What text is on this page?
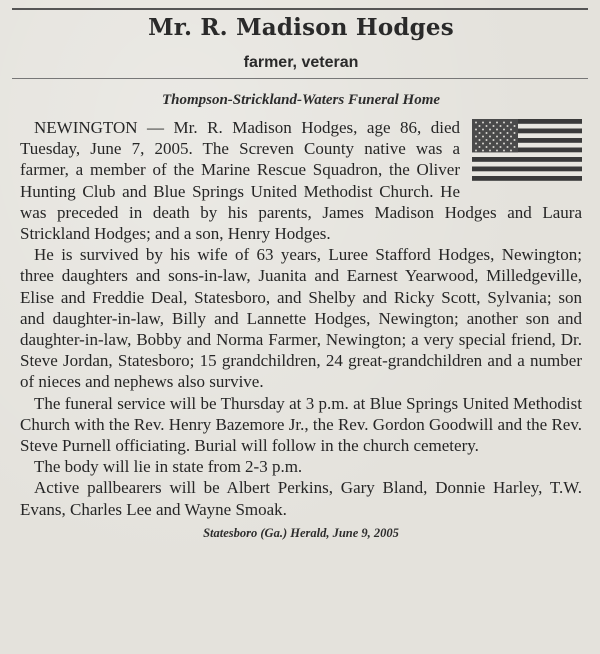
Mr. R. Madison Hodges
farmer, veteran
Thompson-Strickland-Waters Funeral Home

NEWINGTON — Mr. R. Madison Hodges, age 86, died Tuesday, June 7, 2005. The Screven County native was a farmer, a member of the Marine Rescue Squadron, the Oliver Hunting Club and Blue Springs United Methodist Church. He was preceded in death by his parents, James Madison Hodges and Laura Strickland Hodges; and a son, Henry Hodges.

He is survived by his wife of 63 years, Luree Stafford Hodges, Newington; three daughters and sons-in-law, Juanita and Earnest Yearwood, Milledgeville, Elise and Freddie Deal, Statesboro, and Shelby and Ricky Scott, Sylvania; son and daughter-in-law, Billy and Lannette Hodges, Newington; another son and daughter-in-law, Bobby and Norma Farmer, Newington; a very special friend, Dr. Steve Jordan, Statesboro; 15 grandchildren, 24 great-grandchildren and a number of nieces and nephews also survive.

The funeral service will be Thursday at 3 p.m. at Blue Springs United Methodist Church with the Rev. Henry Bazemore Jr., the Rev. Gordon Goodwill and the Rev. Steve Purnell officiating. Burial will follow in the church cemetery.

The body will lie in state from 2-3 p.m.

Active pallbearers will be Albert Perkins, Gary Bland, Donnie Harley, T.W. Evans, Charles Lee and Wayne Smoak.

Statesboro (Ga.) Herald, June 9, 2005
